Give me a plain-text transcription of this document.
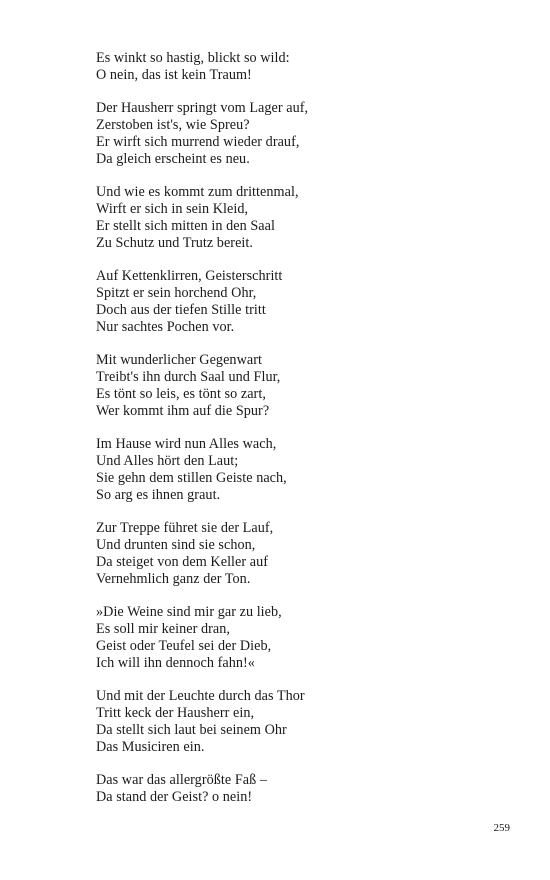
Es winkt so hastig, blickt so wild:
O nein, das ist kein Traum!
Der Hausherr springt vom Lager auf,
Zerstoben ist's, wie Spreu?
Er wirft sich murrend wieder drauf,
Da gleich erscheint es neu.
Und wie es kommt zum drittenmal,
Wirft er sich in sein Kleid,
Er stellt sich mitten in den Saal
Zu Schutz und Trutz bereit.
Auf Kettenklirren, Geisterschritt
Spitzt er sein horchend Ohr,
Doch aus der tiefen Stille tritt
Nur sachtes Pochen vor.
Mit wunderlicher Gegenwart
Treibt's ihn durch Saal und Flur,
Es tönt so leis, es tönt so zart,
Wer kommt ihm auf die Spur?
Im Hause wird nun Alles wach,
Und Alles hört den Laut;
Sie gehn dem stillen Geiste nach,
So arg es ihnen graut.
Zur Treppe führet sie der Lauf,
Und drunten sind sie schon,
Da steiget von dem Keller auf
Vernehmlich ganz der Ton.
»Die Weine sind mir gar zu lieb,
Es soll mir keiner dran,
Geist oder Teufel sei der Dieb,
Ich will ihn dennoch fahn!«
Und mit der Leuchte durch das Thor
Tritt keck der Hausherr ein,
Da stellt sich laut bei seinem Ohr
Das Musiciren ein.
Das war das allergrößte Faß –
Da stand der Geist? o nein!
259
